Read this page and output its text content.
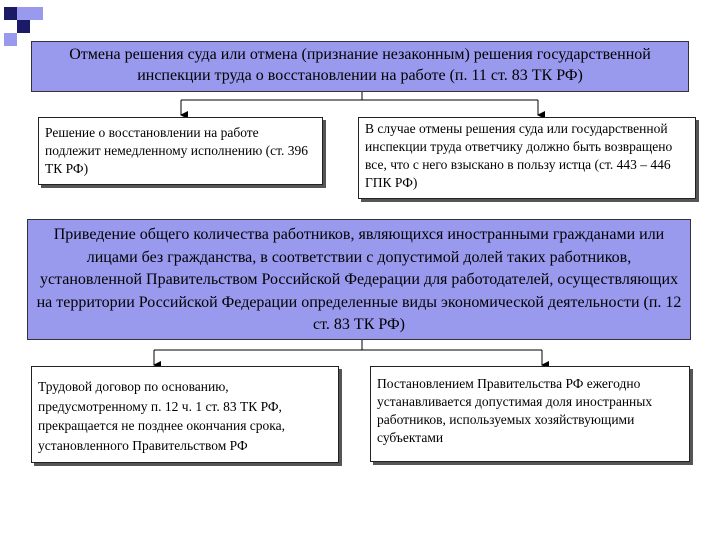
Отмена решения суда или отмена (признание незаконным) решения государственной инспекции труда о восстановлении на работе (п. 11 ст. 83 ТК РФ)
Решение о восстановлении на работе подлежит немедленному исполнению (ст. 396 ТК РФ)
В случае отмены решения суда или государственной инспекции труда ответчику должно быть возвращено все, что с него взыскано в пользу истца (ст. 443 – 446 ГПК РФ)
Приведение общего количества работников, являющихся иностранными гражданами или лицами без гражданства, в соответствии с допустимой долей таких работников, установленной Правительством Российской Федерации для работодателей, осуществляющих на территории Российской Федерации определенные виды экономической деятельности (п. 12 ст. 83 ТК РФ)
Трудовой договор по основанию, предусмотренному п. 12 ч. 1 ст. 83 ТК РФ, прекращается не позднее окончания срока, установленного Правительством РФ
Постановлением Правительства РФ ежегодно устанавливается допустимая доля иностранных работников, используемых хозяйствующими субъектами
